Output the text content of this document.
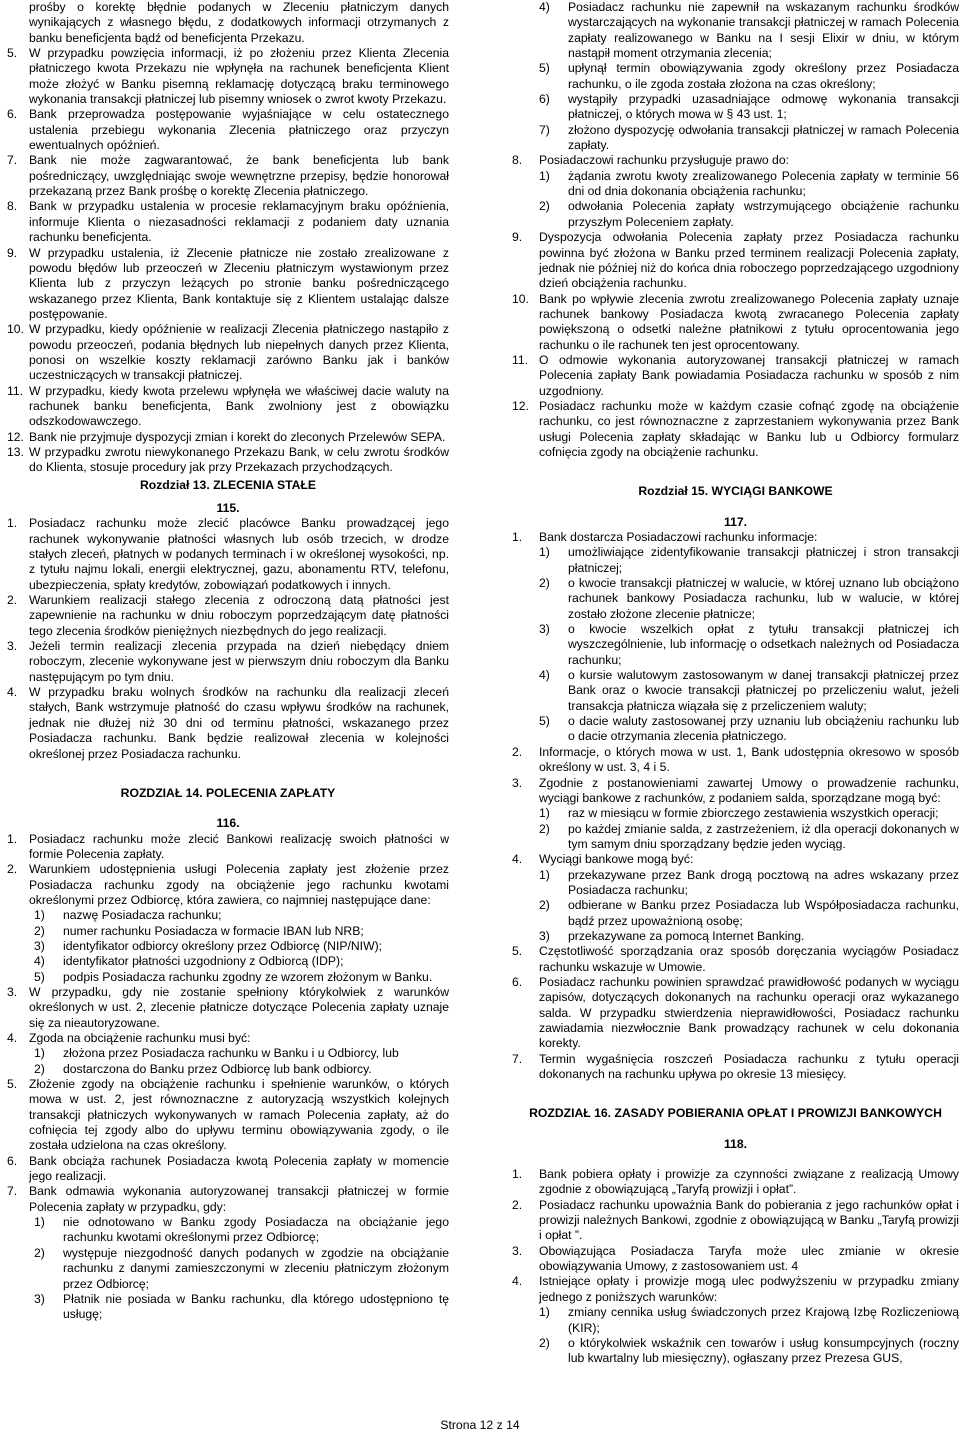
prośby o korektę błędnie podanych w Zleceniu płatniczym danych wynikających z własnego błędu, z dodatkowych informacji otrzymanych z banku beneficjenta bądź od beneficjenta Przekazu.
5. W przypadku powzięcia informacji, iż po złożeniu przez Klienta Zlecenia płatniczego kwota Przekazu nie wpłynęła na rachunek beneficjenta Klient może złożyć w Banku pisemną reklamację dotyczącą braku terminowego wykonania transakcji płatniczej lub pisemny wniosek o zwrot kwoty Przekazu.
6. Bank przeprowadza postępowanie wyjaśniające w celu ostatecznego ustalenia przebiegu wykonania Zlecenia płatniczego oraz przyczyn ewentualnych opóźnień.
7. Bank nie może zagwarantować, że bank beneficjenta lub bank pośredniczący, uwzględniając swoje wewnętrzne przepisy, będzie honorował przekazaną przez Bank prośbę o korektę Zlecenia płatniczego.
8. Bank w przypadku ustalenia w procesie reklamacyjnym braku opóźnienia, informuje Klienta o niezasadności reklamacji z podaniem daty uznania rachunku beneficjenta.
9. W przypadku ustalenia, iż Zlecenie płatnicze nie zostało zrealizowane z powodu błędów lub przeoczeń w Zleceniu płatniczym wystawionym przez Klienta lub z przyczyn leżących po stronie banku pośredniczącego wskazanego przez Klienta, Bank kontaktuje się z Klientem ustalając dalsze postępowanie.
10. W przypadku, kiedy opóźnienie w realizacji Zlecenia płatniczego nastąpiło z powodu przeoczeń, podania błędnych lub niepełnych danych przez Klienta, ponosi on wszelkie koszty reklamacji zarówno Banku jak i banków uczestniczących w transakcji płatniczej.
11. W przypadku, kiedy kwota przelewu wpłynęła we właściwej dacie waluty na rachunek banku beneficjenta, Bank zwolniony jest z obowiązku odszkodowawczego.
12. Bank nie przyjmuje dyspozycji zmian i korekt do zleconych Przelewów SEPA.
13. W przypadku zwrotu niewykonanego Przekazu Bank, w celu zwrotu środków do Klienta, stosuje procedury jak przy Przekazach przychodzących.
Rozdział 13. ZLECENIA STAŁE
115.
1. Posiadacz rachunku może zlecić placówce Banku prowadzącej jego rachunek wykonywanie płatności własnych lub osób trzecich, w drodze stałych zleceń, płatnych w podanych terminach i w określonej wysokości, np. z tytułu najmu lokali, energii elektrycznej, gazu, abonamentu RTV, telefonu, ubezpieczenia, spłaty kredytów, zobowiązań podatkowych i innych.
2. Warunkiem realizacji stałego zlecenia z odroczoną datą płatności jest zapewnienie na rachunku w dniu roboczym poprzedzającym datę płatności tego zlecenia środków pieniężnych niezbędnych do jego realizacji.
3. Jeżeli termin realizacji zlecenia przypada na dzień niebędący dniem roboczym, zlecenie wykonywane jest w pierwszym dniu roboczym dla Banku następującym po tym dniu.
4. W przypadku braku wolnych środków na rachunku dla realizacji zleceń stałych, Bank wstrzymuje płatność do czasu wpływu środków na rachunek, jednak nie dłużej niż 30 dni od terminu płatności, wskazanego przez Posiadacza rachunku. Bank będzie realizował zlecenia w kolejności określonej przez Posiadacza rachunku.
ROZDZIAŁ 14. POLECENIA ZAPŁATY
116.
1. Posiadacz rachunku może zlecić Bankowi realizację swoich płatności w formie Polecenia zapłaty.
2. Warunkiem udostępnienia usługi Polecenia zapłaty jest złożenie przez Posiadacza rachunku zgody na obciążenie jego rachunku kwotami określonymi przez Odbiorcę, która zawiera, co najmniej następujące dane:
1)	nazwę Posiadacza rachunku;
2)	numer rachunku Posiadacza w formacie IBAN lub NRB;
3)	identyfikator odbiorcy określony przez Odbiorcę (NIP/NIW);
4)	identyfikator płatności uzgodniony z Odbiorcą (IDP);
5)	podpis Posiadacza rachunku zgodny ze wzorem złożonym w Banku.
3. W przypadku, gdy nie zostanie spełniony którykolwiek z warunków określonych w ust. 2, zlecenie płatnicze dotyczące Polecenia zapłaty uznaje się za nieautoryzowane.
4. Zgoda na obciążenie rachunku musi być:
1)	złożona przez Posiadacza rachunku w Banku i u Odbiorcy, lub
2)	dostarczona do Banku przez Odbiorcę lub bank odbiorcy.
5. Złożenie zgody na obciążenie rachunku i spełnienie warunków, o których mowa w ust. 2, jest równoznaczne z autoryzacją wszystkich kolejnych transakcji płatniczych wykonywanych w ramach Polecenia zapłaty, aż do cofnięcia tej zgody albo do upływu terminu obowiązywania zgody, o ile została udzielona na czas określony.
6. Bank obciąża rachunek Posiadacza kwotą Polecenia zapłaty w momencie jego realizacji.
7. Bank odmawia wykonania autoryzowanej transakcji płatniczej w formie Polecenia zapłaty w przypadku, gdy:
1)	nie odnotowano w Banku zgody Posiadacza na obciążanie jego rachunku kwotami określonymi przez Odbiorcę;
2)	występuje niezgodność danych podanych w zgodzie na obciążanie rachunku z danymi zamieszczonymi w zleceniu płatniczym złożonym przez Odbiorcę;
3)	Płatnik nie posiada w Banku rachunku, dla którego udostępniono tę usługę;
4)	Posiadacz rachunku nie zapewnił na wskazanym rachunku środków wystarczających na wykonanie transakcji płatniczej w ramach Polecenia zapłaty realizowanego w Banku na I sesji Elixir w dniu, w którym nastąpił moment otrzymania zlecenia;
5)	upłynął termin obowiązywania zgody określony przez Posiadacza rachunku, o ile zgoda została złożona na czas określony;
6)	wystąpiły przypadki uzasadniające odmowę wykonania transakcji płatniczej, o których mowa w § 43 ust. 1;
7)	złożono dyspozycję odwołania transakcji płatniczej w ramach Polecenia zapłaty.
8.	Posiadaczowi rachunku przysługuje prawo do:
1)	żądania zwrotu kwoty zrealizowanego Polecenia zapłaty w terminie 56 dni od dnia dokonania obciążenia rachunku;
2)	odwołania Polecenia zapłaty wstrzymującego obciążenie rachunku przyszłym Poleceniem zapłaty.
9.	Dyspozycja odwołania Polecenia zapłaty przez Posiadacza rachunku powinna być złożona w Banku przed terminem realizacji Polecenia zapłaty, jednak nie później niż do końca dnia roboczego poprzedzającego uzgodniony dzień obciążenia rachunku.
10. Bank po wpływie zlecenia zwrotu zrealizowanego Polecenia zapłaty uznaje rachunek bankowy Posiadacza kwotą zwracanego Polecenia zapłaty powiększoną o odsetki należne płatnikowi z tytułu oprocentowania jego rachunku o ile rachunek ten jest oprocentowany.
11. O odmowie wykonania autoryzowanej transakcji płatniczej w ramach Polecenia zapłaty Bank powiadamia Posiadacza rachunku w sposób z nim uzgodniony.
12. Posiadacz rachunku może w każdym czasie cofnąć zgodę na obciążenie rachunku, co jest równoznaczne z zaprzestaniem wykonywania przez Bank usługi Polecenia zapłaty składając w Banku lub u Odbiorcy formularz cofnięcia zgody na obciążenie rachunku.
Rozdział 15. WYCIĄGI BANKOWE
117.
1.	Bank dostarcza Posiadaczowi rachunku informacje:
1)	umożliwiające zidentyfikowanie transakcji płatniczej i stron transakcji płatniczej;
2)	o kwocie transakcji płatniczej w walucie, w której uznano lub obciążono rachunek bankowy Posiadacza rachunku, lub w walucie, w której zostało złożone zlecenie płatnicze;
3)	o kwocie wszelkich opłat z tytułu transakcji płatniczej ich wyszczególnienie, lub informację o odsetkach należnych od Posiadacza rachunku;
4)	o kursie walutowym zastosowanym w danej transakcji płatniczej przez Bank oraz o kwocie transakcji płatniczej po przeliczeniu walut, jeżeli transakcja płatnicza wiązała się z przeliczeniem waluty;
5)	o dacie waluty zastosowanej przy uznaniu lub obciążeniu rachunku lub o dacie otrzymania zlecenia płatniczego.
2.	Informacje, o których mowa w ust. 1, Bank udostępnia okresowo w sposób określony w ust. 3, 4 i 5.
3.	Zgodnie z postanowieniami zawartej Umowy o prowadzenie rachunku, wyciągi bankowe z rachunków, z podaniem salda, sporządzane mogą być:
1)	raz w miesiącu w formie zbiorczego zestawienia wszystkich operacji;
2)	po każdej zmianie salda, z zastrzeżeniem, iż dla operacji dokonanych w tym samym dniu sporządzany będzie jeden wyciąg.
4.	Wyciągi bankowe mogą być:
1)	przekazywane przez Bank drogą pocztową na adres wskazany przez Posiadacza rachunku;
2)	odbierane w Banku przez Posiadacza lub Współposiadacza rachunku, bądź przez upoważnioną osobę;
3)	przekazywane za pomocą Internet Banking.
5.	Częstotliwość sporządzania oraz sposób doręczania wyciągów Posiadacz rachunku wskazuje w Umowie.
6.	Posiadacz rachunku powinien sprawdzać prawidłowość podanych w wyciągu zapisów, dotyczących dokonanych na rachunku operacji oraz wykazanego salda. W przypadku stwierdzenia nieprawidłowości, Posiadacz rachunku zawiadamia niezwłocznie Bank prowadzący rachunek w celu dokonania korekty.
7.	Termin wygaśnięcia roszczeń Posiadacza rachunku z tytułu operacji dokonanych na rachunku upływa po okresie 13 miesięcy.
ROZDZIAŁ 16. ZASADY POBIERANIA OPŁAT I PROWIZJI BANKOWYCH
118.
1.	Bank pobiera opłaty i prowizje za czynności związane z realizacją Umowy zgodnie z obowiązującą „Taryfą prowizji i opłat”.
2.	Posiadacz rachunku upoważnia Bank do pobierania z jego rachunków opłat i prowizji należnych Bankowi, zgodnie z obowiązującą w Banku „Taryfą prowizji i opłat ”.
3.	Obowiązująca Posiadacza Taryfa może ulec zmianie w okresie obowiązywania Umowy, z zastosowaniem ust. 4
4.	Istniejące opłaty i prowizje mogą ulec podwyższeniu w przypadku zmiany jednego z poniższych warunków:
1)	zmiany cennika usług świadczonych przez Krajową Izbę Rozliczeniową (KIR);
2)	o którykolwiek wskaźnik cen towarów i usług konsumpcyjnych (roczny lub kwartalny lub miesięczny), ogłaszany przez Prezesa GUS,
Strona 12 z 14
